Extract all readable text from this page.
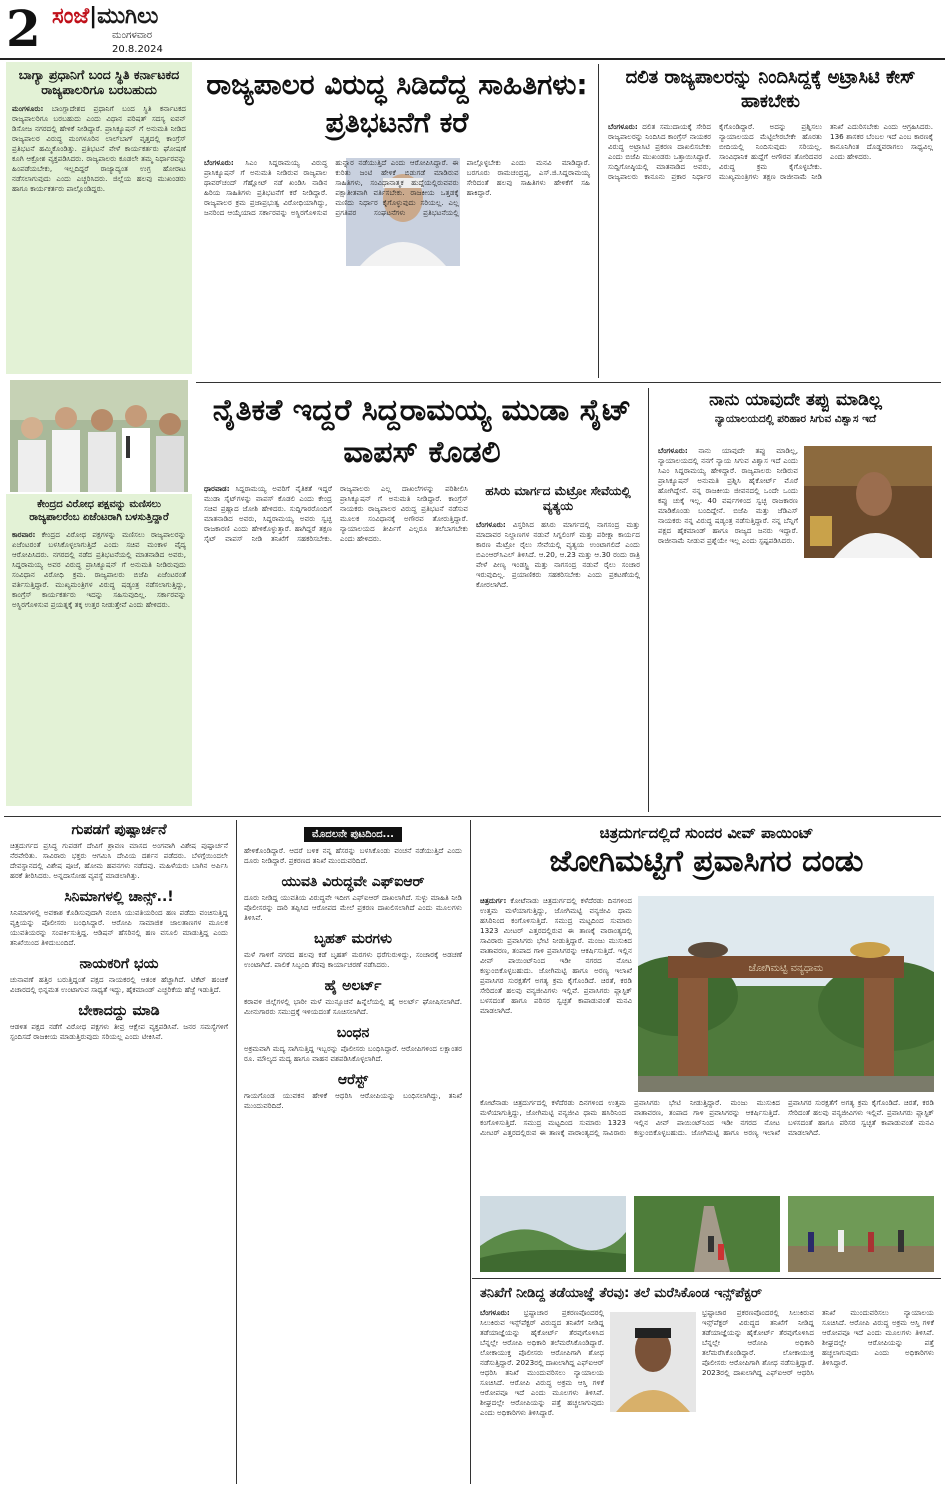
2 ಸಂಜೆ|ಮುಗಿಲು
ಮಂಗಳವಾರ
20.8.2024
ಬಾಗ್ಯಾ ಪ್ರಧಾನಿಗೆ ಬಂದ ಸ್ಥಿತಿ ಕರ್ನಾಟಕದ ರಾಜ್ಯಪಾಲರಿಗೂ ಬರಬಹುದು
ಮಂಗಳೂರು: ಬಾಂಗ್ಲಾದೇಶದ ಪ್ರಧಾನಿಗೆ ಬಂದ ಸ್ಥಿತಿ ಕರ್ನಾಟಕದ ರಾಜ್ಯಪಾಲರಿಗೂ ಬರಬಹುದು ಎಂದು ವಿಧಾನ ಪರಿಷತ್ ಸದಸ್ಯ ಐವನ್ ಡಿಸೋಜ ನಗರದಲ್ಲಿ ಹೇಳಿಕೆ ನೀಡಿದ್ದಾರೆ. ಪ್ರಾಸಿಕ್ಯೂಷನ್ ಗೆ ಅನುಮತಿ ನೀಡಿದ ರಾಜ್ಯಪಾಲರ ವಿರುದ್ಧ ಮಂಗಳೂರಿನ ಲಾಲ್‌ಬಾಗ್ ವೃತ್ತದಲ್ಲಿ ಕಾಂಗ್ರೆಸ್ ಪ್ರತಿಭಟನೆ ಹಮ್ಮಿಕೊಂಡಿತ್ತು. ಪ್ರತಿಭಟನೆ ವೇಳೆ ಕಾರ್ಯಕರ್ತರು ಘೋಷಣೆ ಕೂಗಿ ಆಕ್ರೋಶ ವ್ಯಕ್ತಪಡಿಸಿದರು. ರಾಜ್ಯಪಾಲರು ಕೂಡಲೇ ತಮ್ಮ ನಿರ್ಧಾರವನ್ನು ಹಿಂಪಡೆಯಬೇಕು, ಇಲ್ಲದಿದ್ದರೆ ರಾಜ್ಯಾದ್ಯಂತ ಉಗ್ರ ಹೋರಾಟ ನಡೆಸಲಾಗುವುದು ಎಂದು ಎಚ್ಚರಿಸಿದರು. ಜಿಲ್ಲೆಯ ಹಲವು ಮುಖಂಡರು ಹಾಗೂ ಕಾರ್ಯಕರ್ತರು ಪಾಲ್ಗೊಂಡಿದ್ದರು.
ಕೇಂದ್ರದ ವಿರೋಧ ಪಕ್ಷವನ್ನು ಮಣಿಸಲು ರಾಜ್ಯಪಾಲರೆಂಬ ಏಜೆಂಟರಾಗಿ ಬಳಸುತ್ತಿದ್ದಾರೆ
ಕಾರವಾರ: ಕೇಂದ್ರದ ವಿರೋಧ ಪಕ್ಷಗಳನ್ನು ಮಣಿಸಲು ರಾಜ್ಯಪಾಲರನ್ನು ಏಜೆಂಟರಂತೆ ಬಳಸಿಕೊಳ್ಳಲಾಗುತ್ತಿದೆ ಎಂದು ಸಚಿವ ಮಂಕಾಳ ವೈದ್ಯ ಆರೋಪಿಸಿದರು. ನಗರದಲ್ಲಿ ನಡೆದ ಪ್ರತಿಭಟನೆಯಲ್ಲಿ ಮಾತನಾಡಿದ ಅವರು, ಸಿದ್ದರಾಮಯ್ಯ ಅವರ ವಿರುದ್ಧ ಪ್ರಾಸಿಕ್ಯೂಷನ್ ಗೆ ಅನುಮತಿ ನೀಡಿರುವುದು ಸಂವಿಧಾನ ವಿರೋಧಿ ಕ್ರಮ. ರಾಜ್ಯಪಾಲರು ಬಿಜೆಪಿ ಏಜೆಂಟರಂತೆ ವರ್ತಿಸುತ್ತಿದ್ದಾರೆ. ಮುಖ್ಯಮಂತ್ರಿಗಳ ವಿರುದ್ಧ ಷಡ್ಯಂತ್ರ ನಡೆಸಲಾಗುತ್ತಿದ್ದು, ಕಾಂಗ್ರೆಸ್ ಕಾರ್ಯಕರ್ತರು ಇದನ್ನು ಸಹಿಸುವುದಿಲ್ಲ. ಸರ್ಕಾರವನ್ನು ಅಸ್ಥಿರಗೊಳಿಸುವ ಪ್ರಯತ್ನಕ್ಕೆ ತಕ್ಕ ಉತ್ತರ ನೀಡುತ್ತೇವೆ ಎಂದು ಹೇಳಿದರು.
ರಾಜ್ಯಪಾಲರ ವಿರುದ್ಧ ಸಿಡಿದೆದ್ದ ಸಾಹಿತಿಗಳು: ಪ್ರತಿಭಟನೆಗೆ ಕರೆ
ಬೆಂಗಳೂರು: ಸಿಎಂ ಸಿದ್ದರಾಮಯ್ಯ ವಿರುದ್ಧ ಪ್ರಾಸಿಕ್ಯೂಷನ್ ಗೆ ಅನುಮತಿ ನೀಡಿರುವ ರಾಜ್ಯಪಾಲ ಥಾವರ್‌ಚಂದ್ ಗೆಹ್ಲೋಟ್ ನಡೆ ಖಂಡಿಸಿ ನಾಡಿನ ಹಿರಿಯ ಸಾಹಿತಿಗಳು ಪ್ರತಿಭಟನೆಗೆ ಕರೆ ನೀಡಿದ್ದಾರೆ. ರಾಜ್ಯಪಾಲರ ಕ್ರಮ ಪ್ರಜಾಪ್ರಭುತ್ವ ವಿರೋಧಿಯಾಗಿದ್ದು, ಜನರಿಂದ ಆಯ್ಕೆಯಾದ ಸರ್ಕಾರವನ್ನು ಅಸ್ಥಿರಗೊಳಿಸುವ ಹುನ್ನಾರ ನಡೆಯುತ್ತಿದೆ ಎಂದು ಆರೋಪಿಸಿದ್ದಾರೆ. ಈ ಕುರಿತು ಜಂಟಿ ಹೇಳಿಕೆ ಬಿಡುಗಡೆ ಮಾಡಿರುವ ಸಾಹಿತಿಗಳು, ಸಂವಿಧಾನಾತ್ಮಕ ಹುದ್ದೆಯಲ್ಲಿರುವವರು ಪಕ್ಷಾತೀತವಾಗಿ ವರ್ತಿಸಬೇಕು. ರಾಜಕೀಯ ಒತ್ತಡಕ್ಕೆ ಮಣಿದು ನಿರ್ಧಾರ ಕೈಗೊಳ್ಳುವುದು ಸರಿಯಲ್ಲ. ಎಲ್ಲ ಪ್ರಗತಿಪರ ಸಂಘಟನೆಗಳು ಪ್ರತಿಭಟನೆಯಲ್ಲಿ ಪಾಲ್ಗೊಳ್ಳಬೇಕು ಎಂದು ಮನವಿ ಮಾಡಿದ್ದಾರೆ. ಬರಗೂರು ರಾಮಚಂದ್ರಪ್ಪ, ಎಸ್.ಜಿ.ಸಿದ್ದರಾಮಯ್ಯ ಸೇರಿದಂತೆ ಹಲವು ಸಾಹಿತಿಗಳು ಹೇಳಿಕೆಗೆ ಸಹಿ ಹಾಕಿದ್ದಾರೆ.
ದಲಿತ ರಾಜ್ಯಪಾಲರನ್ನು ನಿಂದಿಸಿದ್ದಕ್ಕೆ ಅಟ್ರಾಸಿಟಿ ಕೇಸ್ ಹಾಕಬೇಕು
ಬೆಂಗಳೂರು: ದಲಿತ ಸಮುದಾಯಕ್ಕೆ ಸೇರಿದ ರಾಜ್ಯಪಾಲರನ್ನು ನಿಂದಿಸಿದ ಕಾಂಗ್ರೆಸ್ ನಾಯಕರ ವಿರುದ್ಧ ಅಟ್ರಾಸಿಟಿ ಪ್ರಕರಣ ದಾಖಲಿಸಬೇಕು ಎಂದು ಬಿಜೆಪಿ ಮುಖಂಡರು ಒತ್ತಾಯಿಸಿದ್ದಾರೆ. ಸುದ್ದಿಗೋಷ್ಠಿಯಲ್ಲಿ ಮಾತನಾಡಿದ ಅವರು, ರಾಜ್ಯಪಾಲರು ಕಾನೂನು ಪ್ರಕಾರ ನಿರ್ಧಾರ ಕೈಗೊಂಡಿದ್ದಾರೆ. ಅದನ್ನು ಪ್ರಶ್ನಿಸಲು ನ್ಯಾಯಾಲಯದ ಮೆಟ್ಟಿಲೇರಬೇಕೇ ಹೊರತು ಬೀದಿಯಲ್ಲಿ ನಿಂದಿಸುವುದು ಸರಿಯಲ್ಲ. ಸಾಂವಿಧಾನಿಕ ಹುದ್ದೆಗೆ ಅಗೌರವ ತೋರಿದವರ ವಿರುದ್ಧ ಕ್ರಮ ಕೈಗೊಳ್ಳಬೇಕು. ಮುಖ್ಯಮಂತ್ರಿಗಳು ತಕ್ಷಣ ರಾಜೀನಾಮೆ ನೀಡಿ ತನಿಖೆ ಎದುರಿಸಬೇಕು ಎಂದು ಆಗ್ರಹಿಸಿದರು. 136 ಶಾಸಕರ ಬೆಂಬಲ ಇದೆ ಎಂಬ ಕಾರಣಕ್ಕೆ ಕಾನೂನಿಗಿಂತ ದೊಡ್ಡವರಾಗಲು ಸಾಧ್ಯವಿಲ್ಲ ಎಂದು ಹೇಳಿದರು.
ನೈತಿಕತೆ ಇದ್ದರೆ ಸಿದ್ದರಾಮಯ್ಯ ಮುಡಾ ಸೈಟ್ ವಾಪಸ್ ಕೊಡಲಿ
ಧಾರವಾಡ: ಸಿದ್ದರಾಮಯ್ಯ ಅವರಿಗೆ ನೈತಿಕತೆ ಇದ್ದರೆ ಮುಡಾ ಸೈಟ್‌ಗಳನ್ನು ವಾಪಸ್ ಕೊಡಲಿ ಎಂದು ಕೇಂದ್ರ ಸಚಿವ ಪ್ರಹ್ಲಾದ ಜೋಶಿ ಹೇಳಿದರು. ಸುದ್ದಿಗಾರರೊಂದಿಗೆ ಮಾತನಾಡಿದ ಅವರು, ಸಿದ್ದರಾಮಯ್ಯ ಅವರು ಸ್ವಚ್ಛ ರಾಜಕಾರಣಿ ಎಂದು ಹೇಳಿಕೊಳ್ಳುತ್ತಾರೆ. ಹಾಗಿದ್ದರೆ ತಕ್ಷಣ ಸೈಟ್ ವಾಪಸ್ ನೀಡಿ ತನಿಖೆಗೆ ಸಹಕರಿಸಬೇಕು. ರಾಜ್ಯಪಾಲರು ಎಲ್ಲ ದಾಖಲೆಗಳನ್ನು ಪರಿಶೀಲಿಸಿ ಪ್ರಾಸಿಕ್ಯೂಷನ್ ಗೆ ಅನುಮತಿ ನೀಡಿದ್ದಾರೆ. ಕಾಂಗ್ರೆಸ್ ನಾಯಕರು ರಾಜ್ಯಪಾಲರ ವಿರುದ್ಧ ಪ್ರತಿಭಟನೆ ನಡೆಸುವ ಮೂಲಕ ಸಂವಿಧಾನಕ್ಕೆ ಅಗೌರವ ತೋರುತ್ತಿದ್ದಾರೆ. ನ್ಯಾಯಾಲಯದ ತೀರ್ಪಿಗೆ ಎಲ್ಲರೂ ತಲೆಬಾಗಬೇಕು ಎಂದು ಹೇಳಿದರು.
ಹಸಿರು ಮಾರ್ಗದ ಮೆಟ್ರೋ ಸೇವೆಯಲ್ಲಿ ವ್ಯತ್ಯಯ
ಬೆಂಗಳೂರು: ವಿಸ್ತರಿಸಿದ ಹಸಿರು ಮಾರ್ಗದಲ್ಲಿ ನಾಗಸಂದ್ರ ಮತ್ತು ಮಾದಾವರ ನಿಲ್ದಾಣಗಳ ನಡುವೆ ಸಿಗ್ನಲಿಂಗ್ ಮತ್ತು ಪರೀಕ್ಷಾ ಕಾರ್ಯದ ಕಾರಣ ಮೆಟ್ರೋ ರೈಲು ಸೇವೆಯಲ್ಲಿ ವ್ಯತ್ಯಯ ಉಂಟಾಗಲಿದೆ ಎಂದು ಬಿಎಂಆರ್‌ಸಿಎಲ್ ತಿಳಿಸಿದೆ. ಆ.20, ಆ.23 ಮತ್ತು ಆ.30 ರಂದು ರಾತ್ರಿ ವೇಳೆ ಪೀಣ್ಯ ಇಂಡಸ್ಟ್ರಿ ಮತ್ತು ನಾಗಸಂದ್ರ ನಡುವೆ ರೈಲು ಸಂಚಾರ ಇರುವುದಿಲ್ಲ. ಪ್ರಯಾಣಿಕರು ಸಹಕರಿಸಬೇಕು ಎಂದು ಪ್ರಕಟಣೆಯಲ್ಲಿ ಕೋರಲಾಗಿದೆ.
ನಾನು ಯಾವುದೇ ತಪ್ಪು ಮಾಡಿಲ್ಲ
ನ್ಯಾಯಾಲಯದಲ್ಲಿ ಪರಿಹಾರ ಸಿಗುವ ವಿಶ್ವಾಸ ಇದೆ
ಬೆಂಗಳೂರು: ನಾನು ಯಾವುದೇ ತಪ್ಪು ಮಾಡಿಲ್ಲ, ನ್ಯಾಯಾಲಯದಲ್ಲಿ ನನಗೆ ನ್ಯಾಯ ಸಿಗುವ ವಿಶ್ವಾಸ ಇದೆ ಎಂದು ಸಿಎಂ ಸಿದ್ದರಾಮಯ್ಯ ಹೇಳಿದ್ದಾರೆ. ರಾಜ್ಯಪಾಲರು ನೀಡಿರುವ ಪ್ರಾಸಿಕ್ಯೂಷನ್ ಅನುಮತಿ ಪ್ರಶ್ನಿಸಿ ಹೈಕೋರ್ಟ್ ಮೊರೆ ಹೋಗಿದ್ದೇನೆ. ನನ್ನ ರಾಜಕೀಯ ಜೀವನದಲ್ಲಿ ಒಂದೇ ಒಂದು ಕಪ್ಪು ಚುಕ್ಕೆ ಇಲ್ಲ. 40 ವರ್ಷಗಳಿಂದ ಸ್ವಚ್ಛ ರಾಜಕಾರಣ ಮಾಡಿಕೊಂಡು ಬಂದಿದ್ದೇನೆ. ಬಿಜೆಪಿ ಮತ್ತು ಜೆಡಿಎಸ್ ನಾಯಕರು ನನ್ನ ವಿರುದ್ಧ ಷಡ್ಯಂತ್ರ ನಡೆಸುತ್ತಿದ್ದಾರೆ. ನನ್ನ ಬೆನ್ನಿಗೆ ಪಕ್ಷದ ಹೈಕಮಾಂಡ್ ಹಾಗೂ ರಾಜ್ಯದ ಜನರು ಇದ್ದಾರೆ. ರಾಜೀನಾಮೆ ನೀಡುವ ಪ್ರಶ್ನೆಯೇ ಇಲ್ಲ ಎಂದು ಸ್ಪಷ್ಟಪಡಿಸಿದರು.
ಗುಪಡಗೆ ಪುಷ್ಪಾರ್ಚನೆ
ಚಿತ್ರದುರ್ಗದ ಪ್ರಸಿದ್ಧ ಗುಪಡಗೆ ದೇವಿಗೆ ಶ್ರಾವಣ ಮಾಸದ ಅಂಗವಾಗಿ ವಿಶೇಷ ಪುಷ್ಪಾರ್ಚನೆ ನೆರವೇರಿತು. ಸಾವಿರಾರು ಭಕ್ತರು ಆಗಮಿಸಿ ದೇವಿಯ ದರ್ಶನ ಪಡೆದರು. ಬೆಳಗ್ಗೆಯಿಂದಲೇ ದೇವಸ್ಥಾನದಲ್ಲಿ ವಿಶೇಷ ಪೂಜೆ, ಹೋಮ ಹವನಗಳು ನಡೆದವು. ಮಹಿಳೆಯರು ಬಾಗಿನ ಅರ್ಪಿಸಿ ಹರಕೆ ತೀರಿಸಿದರು. ಅನ್ನದಾಸೋಹ ವ್ಯವಸ್ಥೆ ಮಾಡಲಾಗಿತ್ತು.
ಸಿನಿಮಾಗಳಲ್ಲಿ ಚಾನ್ಸ್..!
ಸಿನಿಮಾಗಳಲ್ಲಿ ಅವಕಾಶ ಕೊಡಿಸುವುದಾಗಿ ನಂಬಿಸಿ ಯುವತಿಯರಿಂದ ಹಣ ಪಡೆದು ವಂಚಿಸುತ್ತಿದ್ದ ವ್ಯಕ್ತಿಯನ್ನು ಪೊಲೀಸರು ಬಂಧಿಸಿದ್ದಾರೆ. ಆರೋಪಿ ಸಾಮಾಜಿಕ ಜಾಲತಾಣಗಳ ಮೂಲಕ ಯುವತಿಯರನ್ನು ಸಂಪರ್ಕಿಸುತ್ತಿದ್ದ. ಆಡಿಷನ್ ಹೆಸರಿನಲ್ಲಿ ಹಣ ವಸೂಲಿ ಮಾಡುತ್ತಿದ್ದ ಎಂದು ತನಿಖೆಯಿಂದ ತಿಳಿದುಬಂದಿದೆ.
ನಾಯಕರಿಗೆ ಭಯ
ಚುನಾವಣೆ ಹತ್ತಿರ ಬರುತ್ತಿದ್ದಂತೆ ಪಕ್ಷದ ನಾಯಕರಲ್ಲಿ ಆತಂಕ ಹೆಚ್ಚಾಗಿದೆ. ಟಿಕೆಟ್ ಹಂಚಿಕೆ ವಿಚಾರದಲ್ಲಿ ಭಿನ್ನಮತ ಉಂಟಾಗುವ ಸಾಧ್ಯತೆ ಇದ್ದು, ಹೈಕಮಾಂಡ್ ಎಚ್ಚರಿಕೆಯ ಹೆಜ್ಜೆ ಇಡುತ್ತಿದೆ.
ಬೇಕಾದದ್ದು ಮಾಡಿ
ಆಡಳಿತ ಪಕ್ಷದ ನಡೆಗೆ ವಿರೋಧ ಪಕ್ಷಗಳು ತೀವ್ರ ಆಕ್ಷೇಪ ವ್ಯಕ್ತಪಡಿಸಿವೆ. ಜನರ ಸಮಸ್ಯೆಗಳಿಗೆ ಸ್ಪಂದಿಸದೆ ರಾಜಕೀಯ ಮಾಡುತ್ತಿರುವುದು ಸರಿಯಲ್ಲ ಎಂದು ಟೀಕಿಸಿವೆ.
ಮೊದಲನೇ ಪುಟದಿಂದ...
ಹೇಳಿಕೊಂಡಿದ್ದಾರೆ. ಆದರೆ ಬಳಿಕ ನನ್ನ ಹೆಸರನ್ನು ಬಳಸಿಕೊಂಡು ವಂಚನೆ ನಡೆಯುತ್ತಿದೆ ಎಂದು ದೂರು ನೀಡಿದ್ದಾರೆ. ಪ್ರಕರಣದ ತನಿಖೆ ಮುಂದುವರಿದಿದೆ.
ಯುವತಿ ವಿರುದ್ಧವೇ ಎಫ್‌ಐಆರ್
ದೂರು ನೀಡಿದ್ದ ಯುವತಿಯ ವಿರುದ್ಧವೇ ಇದೀಗ ಎಫ್‌ಐಆರ್ ದಾಖಲಾಗಿದೆ. ಸುಳ್ಳು ಮಾಹಿತಿ ನೀಡಿ ಪೊಲೀಸರನ್ನು ದಾರಿ ತಪ್ಪಿಸಿದ ಆರೋಪದ ಮೇಲೆ ಪ್ರಕರಣ ದಾಖಲಿಸಲಾಗಿದೆ ಎಂದು ಮೂಲಗಳು ತಿಳಿಸಿವೆ.
ಬೃಹತ್ ಮರಗಳು
ಮಳೆ ಗಾಳಿಗೆ ನಗರದ ಹಲವು ಕಡೆ ಬೃಹತ್ ಮರಗಳು ಧರೆಗುರುಳಿದ್ದು, ಸಂಚಾರಕ್ಕೆ ಅಡಚಣೆ ಉಂಟಾಗಿದೆ. ಪಾಲಿಕೆ ಸಿಬ್ಬಂದಿ ತೆರವು ಕಾರ್ಯಾಚರಣೆ ನಡೆಸಿದರು.
ಹೈ ಅಲರ್ಟ್
ಕರಾವಳಿ ಜಿಲ್ಲೆಗಳಲ್ಲಿ ಭಾರೀ ಮಳೆ ಮುನ್ಸೂಚನೆ ಹಿನ್ನೆಲೆಯಲ್ಲಿ ಹೈ ಅಲರ್ಟ್ ಘೋಷಿಸಲಾಗಿದೆ. ಮೀನುಗಾರರು ಸಮುದ್ರಕ್ಕೆ ಇಳಿಯದಂತೆ ಸೂಚಿಸಲಾಗಿದೆ.
ಬಂಧನ
ಅಕ್ರಮವಾಗಿ ಮದ್ಯ ಸಾಗಿಸುತ್ತಿದ್ದ ಇಬ್ಬರನ್ನು ಪೊಲೀಸರು ಬಂಧಿಸಿದ್ದಾರೆ. ಆರೋಪಿಗಳಿಂದ ಲಕ್ಷಾಂತರ ರೂ. ಮೌಲ್ಯದ ಮದ್ಯ ಹಾಗೂ ವಾಹನ ವಶಪಡಿಸಿಕೊಳ್ಳಲಾಗಿದೆ.
ಆರೆಸ್ಟ್
ಗಾಯಗೊಂಡ ಯುವಕನ ಹೇಳಿಕೆ ಆಧರಿಸಿ ಆರೋಪಿಯನ್ನು ಬಂಧಿಸಲಾಗಿದ್ದು, ತನಿಖೆ ಮುಂದುವರಿದಿದೆ.
ಚಿತ್ರದುರ್ಗದಲ್ಲಿದೆ ಸುಂದರ ವೀವ್ ಪಾಯಿಂಟ್
ಜೋಗಿಮಟ್ಟಿಗೆ ಪ್ರವಾಸಿಗರ ದಂಡು
ಚಿತ್ರದುರ್ಗ: ಕೋಟೆನಾಡು ಚಿತ್ರದುರ್ಗದಲ್ಲಿ ಕಳೆದೆರಡು ದಿನಗಳಿಂದ ಉತ್ತಮ ಮಳೆಯಾಗುತ್ತಿದ್ದು, ಜೋಗಿಮಟ್ಟಿ ವನ್ಯಜೀವಿ ಧಾಮ ಹಸಿರಿನಿಂದ ಕಂಗೊಳಿಸುತ್ತಿದೆ. ಸಮುದ್ರ ಮಟ್ಟದಿಂದ ಸುಮಾರು 1323 ಮೀಟರ್ ಎತ್ತರದಲ್ಲಿರುವ ಈ ತಾಣಕ್ಕೆ ವಾರಾಂತ್ಯದಲ್ಲಿ ಸಾವಿರಾರು ಪ್ರವಾಸಿಗರು ಭೇಟಿ ನೀಡುತ್ತಿದ್ದಾರೆ. ಮಂಜು ಮುಸುಕಿದ ವಾತಾವರಣ, ತಂಪಾದ ಗಾಳಿ ಪ್ರವಾಸಿಗರನ್ನು ಆಕರ್ಷಿಸುತ್ತಿದೆ. ಇಲ್ಲಿನ ವೀವ್ ಪಾಯಿಂಟ್‌ನಿಂದ ಇಡೀ ನಗರದ ನೋಟ ಕಣ್ತುಂಬಿಕೊಳ್ಳಬಹುದು. ಜೋಗಿಮಟ್ಟಿ ಹಾಗೂ ಅರಣ್ಯ ಇಲಾಖೆ ಪ್ರವಾಸಿಗರ ಸುರಕ್ಷತೆಗೆ ಅಗತ್ಯ ಕ್ರಮ ಕೈಗೊಂಡಿದೆ. ಚಿರತೆ, ಕರಡಿ ಸೇರಿದಂತೆ ಹಲವು ವನ್ಯಜೀವಿಗಳು ಇಲ್ಲಿವೆ. ಪ್ರವಾಸಿಗರು ಪ್ಲಾಸ್ಟಿಕ್ ಬಳಸದಂತೆ ಹಾಗೂ ಪರಿಸರ ಸ್ವಚ್ಛತೆ ಕಾಪಾಡುವಂತೆ ಮನವಿ ಮಾಡಲಾಗಿದೆ.
ಜೋಗಿಮಟ್ಟಿ ವನ್ಯಧಾಮ
ಕೋಟೆನಾಡು ಚಿತ್ರದುರ್ಗದಲ್ಲಿ ಕಳೆದೆರಡು ದಿನಗಳಿಂದ ಉತ್ತಮ ಮಳೆಯಾಗುತ್ತಿದ್ದು, ಜೋಗಿಮಟ್ಟಿ ವನ್ಯಜೀವಿ ಧಾಮ ಹಸಿರಿನಿಂದ ಕಂಗೊಳಿಸುತ್ತಿದೆ. ಸಮುದ್ರ ಮಟ್ಟದಿಂದ ಸುಮಾರು 1323 ಮೀಟರ್ ಎತ್ತರದಲ್ಲಿರುವ ಈ ತಾಣಕ್ಕೆ ವಾರಾಂತ್ಯದಲ್ಲಿ ಸಾವಿರಾರು ಪ್ರವಾಸಿಗರು ಭೇಟಿ ನೀಡುತ್ತಿದ್ದಾರೆ. ಮಂಜು ಮುಸುಕಿದ ವಾತಾವರಣ, ತಂಪಾದ ಗಾಳಿ ಪ್ರವಾಸಿಗರನ್ನು ಆಕರ್ಷಿಸುತ್ತಿದೆ. ಇಲ್ಲಿನ ವೀವ್ ಪಾಯಿಂಟ್‌ನಿಂದ ಇಡೀ ನಗರದ ನೋಟ ಕಣ್ತುಂಬಿಕೊಳ್ಳಬಹುದು. ಜೋಗಿಮಟ್ಟಿ ಹಾಗೂ ಅರಣ್ಯ ಇಲಾಖೆ ಪ್ರವಾಸಿಗರ ಸುರಕ್ಷತೆಗೆ ಅಗತ್ಯ ಕ್ರಮ ಕೈಗೊಂಡಿದೆ. ಚಿರತೆ, ಕರಡಿ ಸೇರಿದಂತೆ ಹಲವು ವನ್ಯಜೀವಿಗಳು ಇಲ್ಲಿವೆ. ಪ್ರವಾಸಿಗರು ಪ್ಲಾಸ್ಟಿಕ್ ಬಳಸದಂತೆ ಹಾಗೂ ಪರಿಸರ ಸ್ವಚ್ಛತೆ ಕಾಪಾಡುವಂತೆ ಮನವಿ ಮಾಡಲಾಗಿದೆ.
ತನಿಖೆಗೆ ನೀಡಿದ್ದ ತಡೆಯಾಜ್ಞೆ ತೆರವು: ತಲೆ ಮರೆಸಿಕೊಂಡ ಇನ್ಸ್‌ಪೆಕ್ಟರ್
ಬೆಂಗಳೂರು: ಭ್ರಷ್ಟಾಚಾರ ಪ್ರಕರಣವೊಂದರಲ್ಲಿ ಸಿಲುಕಿರುವ ಇನ್ಸ್‌ಪೆಕ್ಟರ್ ವಿರುದ್ಧದ ತನಿಖೆಗೆ ನೀಡಿದ್ದ ತಡೆಯಾಜ್ಞೆಯನ್ನು ಹೈಕೋರ್ಟ್ ತೆರವುಗೊಳಿಸಿದ ಬೆನ್ನಲ್ಲೇ ಆರೋಪಿ ಅಧಿಕಾರಿ ತಲೆಮರೆಸಿಕೊಂಡಿದ್ದಾರೆ. ಲೋಕಾಯುಕ್ತ ಪೊಲೀಸರು ಆರೋಪಿಗಾಗಿ ಶೋಧ ನಡೆಸುತ್ತಿದ್ದಾರೆ. 2023ರಲ್ಲಿ ದಾಖಲಾಗಿದ್ದ ಎಫ್‌ಐಆರ್ ಆಧರಿಸಿ ತನಿಖೆ ಮುಂದುವರಿಸಲು ನ್ಯಾಯಾಲಯ ಸೂಚಿಸಿದೆ. ಆರೋಪಿ ವಿರುದ್ಧ ಅಕ್ರಮ ಆಸ್ತಿ ಗಳಿಕೆ ಆರೋಪವೂ ಇದೆ ಎಂದು ಮೂಲಗಳು ತಿಳಿಸಿವೆ. ಶೀಘ್ರದಲ್ಲೇ ಆರೋಪಿಯನ್ನು ಪತ್ತೆ ಹಚ್ಚಲಾಗುವುದು ಎಂದು ಅಧಿಕಾರಿಗಳು ತಿಳಿಸಿದ್ದಾರೆ.
ಭ್ರಷ್ಟಾಚಾರ ಪ್ರಕರಣವೊಂದರಲ್ಲಿ ಸಿಲುಕಿರುವ ಇನ್ಸ್‌ಪೆಕ್ಟರ್ ವಿರುದ್ಧದ ತನಿಖೆಗೆ ನೀಡಿದ್ದ ತಡೆಯಾಜ್ಞೆಯನ್ನು ಹೈಕೋರ್ಟ್ ತೆರವುಗೊಳಿಸಿದ ಬೆನ್ನಲ್ಲೇ ಆರೋಪಿ ಅಧಿಕಾರಿ ತಲೆಮರೆಸಿಕೊಂಡಿದ್ದಾರೆ. ಲೋಕಾಯುಕ್ತ ಪೊಲೀಸರು ಆರೋಪಿಗಾಗಿ ಶೋಧ ನಡೆಸುತ್ತಿದ್ದಾರೆ. 2023ರಲ್ಲಿ ದಾಖಲಾಗಿದ್ದ ಎಫ್‌ಐಆರ್ ಆಧರಿಸಿ ತನಿಖೆ ಮುಂದುವರಿಸಲು ನ್ಯಾಯಾಲಯ ಸೂಚಿಸಿದೆ. ಆರೋಪಿ ವಿರುದ್ಧ ಅಕ್ರಮ ಆಸ್ತಿ ಗಳಿಕೆ ಆರೋಪವೂ ಇದೆ ಎಂದು ಮೂಲಗಳು ತಿಳಿಸಿವೆ. ಶೀಘ್ರದಲ್ಲೇ ಆರೋಪಿಯನ್ನು ಪತ್ತೆ ಹಚ್ಚಲಾಗುವುದು ಎಂದು ಅಧಿಕಾರಿಗಳು ತಿಳಿಸಿದ್ದಾರೆ.
